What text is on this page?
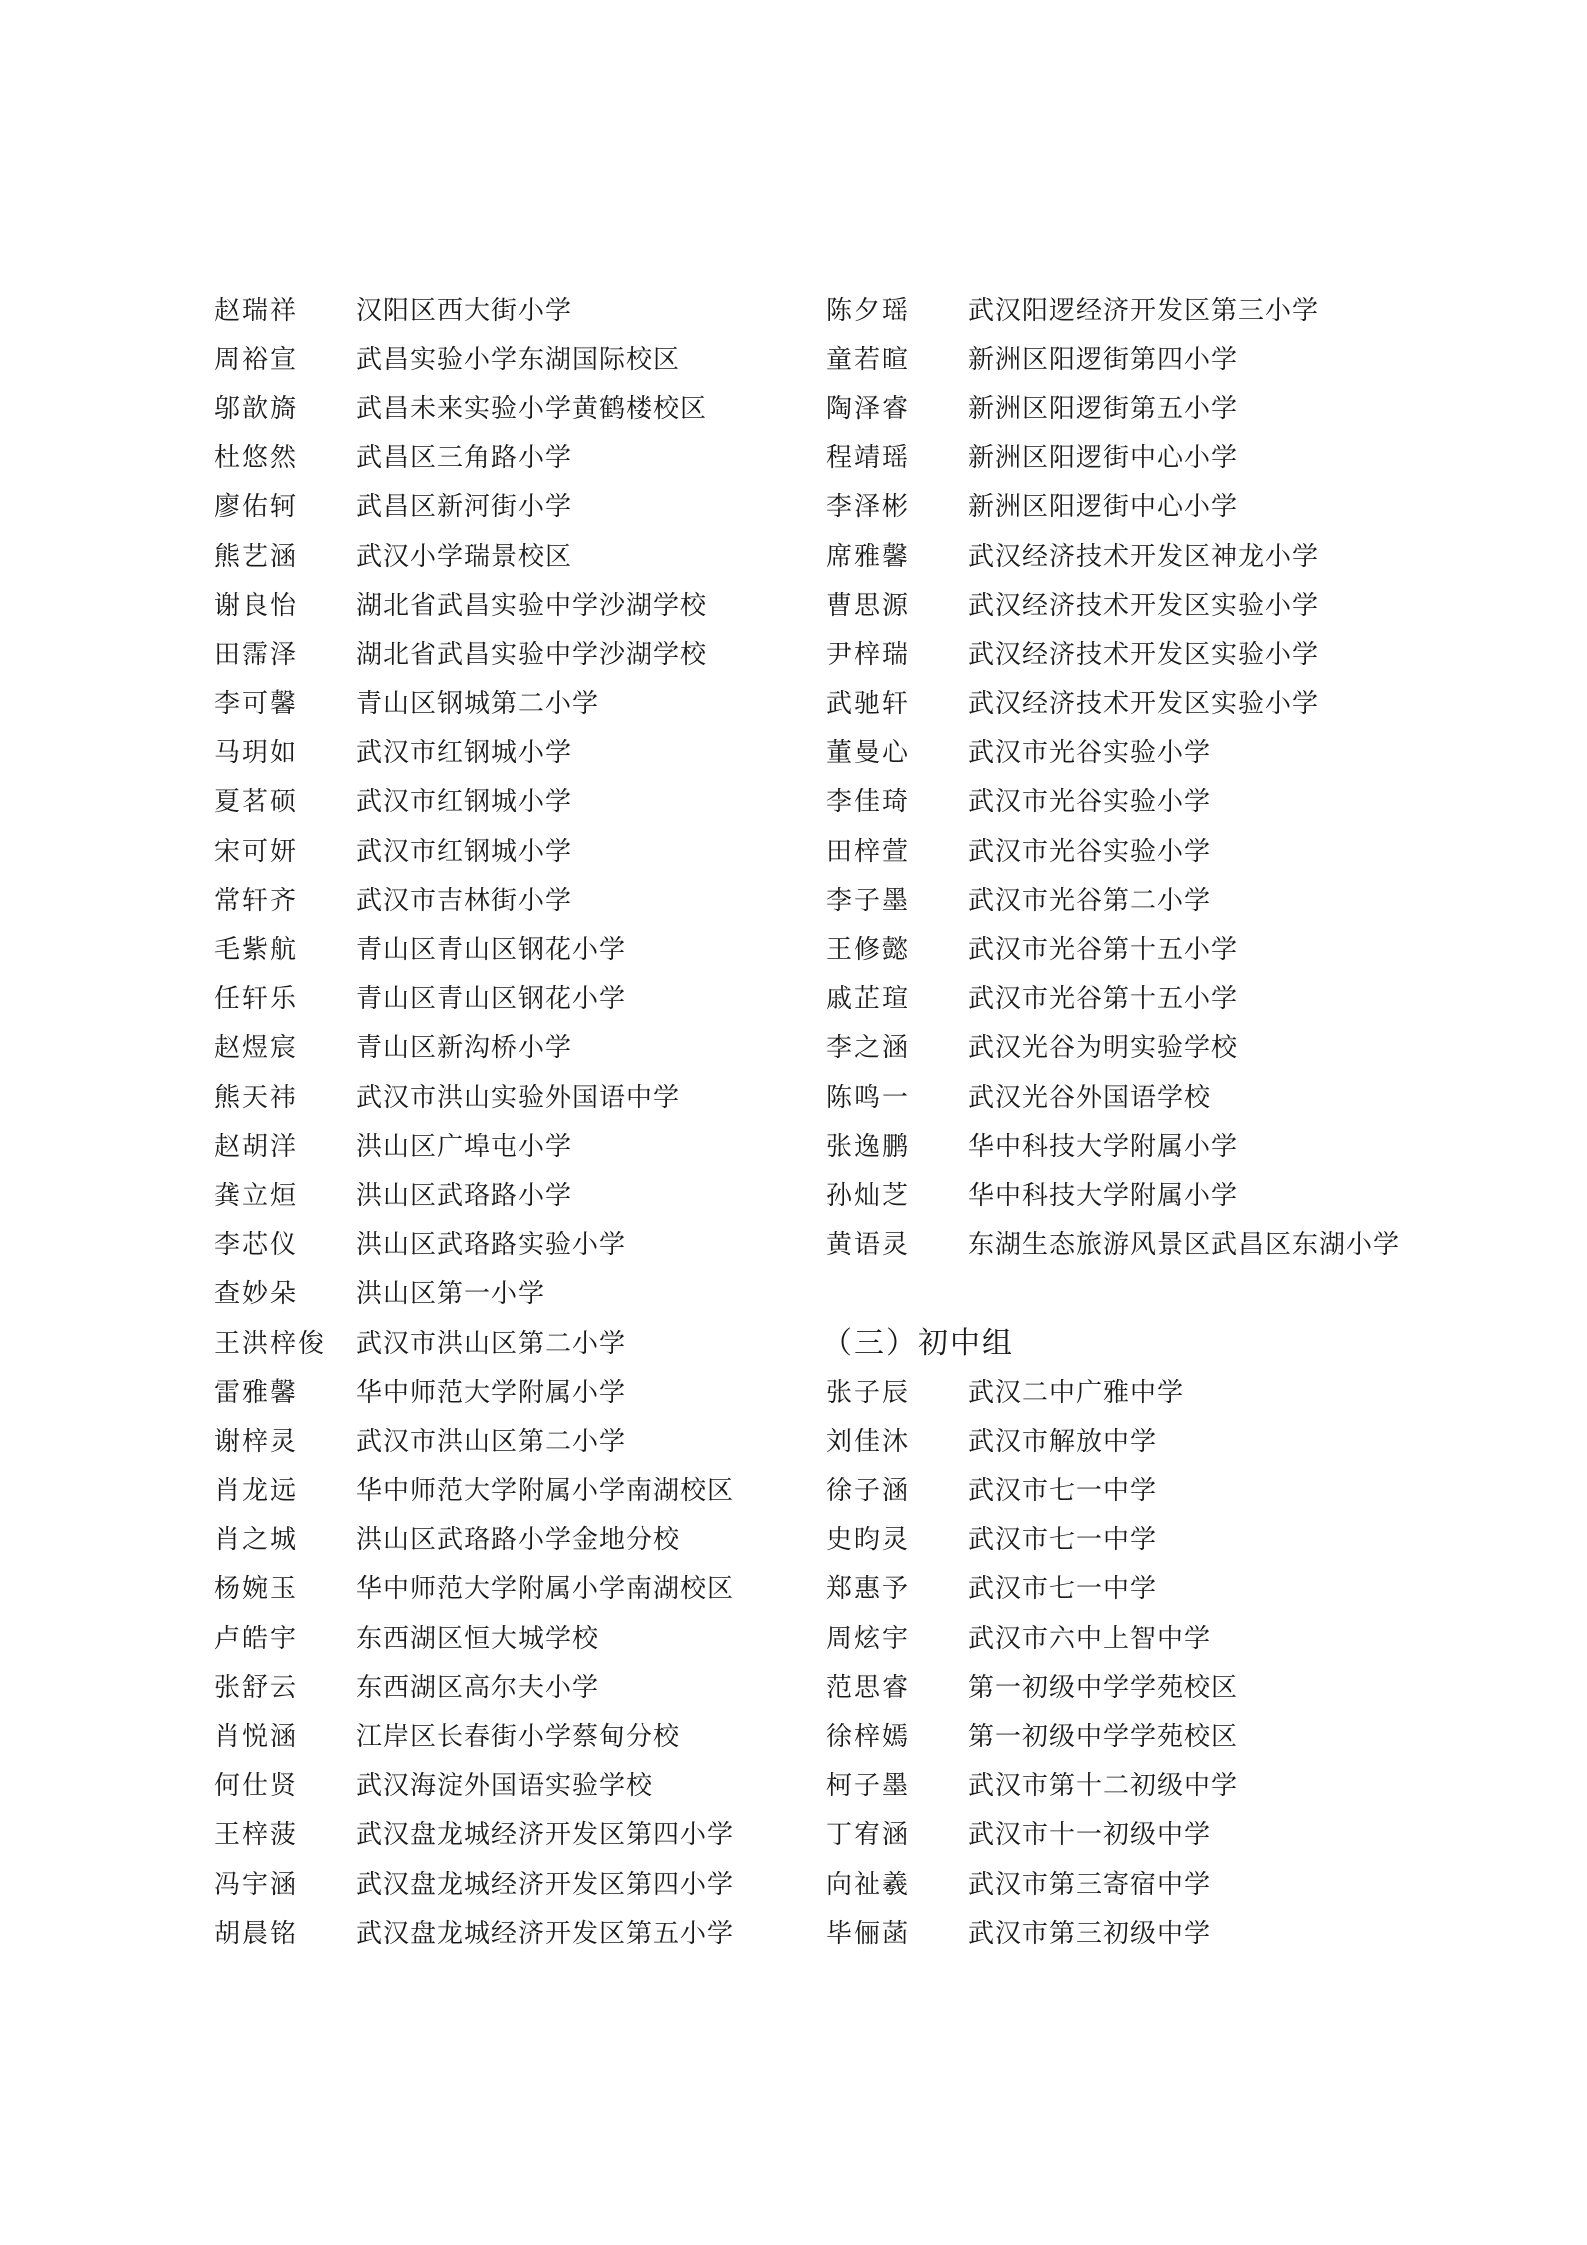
赵瑞祥	汉阳区西大街小学
周裕宣	武昌实验小学东湖国际校区
邬歆旖	武昌未来实验小学黄鹤楼校区
杜悠然	武昌区三角路小学
廖佑轲	武昌区新河街小学
熊艺涵	武汉小学瑞景校区
谢良怡	湖北省武昌实验中学沙湖学校
田霈泽	湖北省武昌实验中学沙湖学校
李可馨	青山区钢城第二小学
马玥如	武汉市红钢城小学
夏茗硕	武汉市红钢城小学
宋可妍	武汉市红钢城小学
常轩齐	武汉市吉林街小学
毛紫航	青山区青山区钢花小学
任轩乐	青山区青山区钢花小学
赵煜宸	青山区新沟桥小学
熊天祎	武汉市洪山实验外国语中学
赵胡洋	洪山区广埠屯小学
龚立烜	洪山区武珞路小学
李芯仪	洪山区武珞路实验小学
查妙朵	洪山区第一小学
王洪梓俊	武汉市洪山区第二小学
雷雅馨	华中师范大学附属小学
谢梓灵	武汉市洪山区第二小学
肖龙远	华中师范大学附属小学南湖校区
肖之城	洪山区武珞路小学金地分校
杨婉玉	华中师范大学附属小学南湖校区
卢皓宇	东西湖区恒大城学校
张舒云	东西湖区高尔夫小学
肖悦涵	江岸区长春街小学蔡甸分校
何仕贤	武汉海淀外国语实验学校
王梓菠	武汉盘龙城经济开发区第四小学
冯宇涵	武汉盘龙城经济开发区第四小学
胡晨铭	武汉盘龙城经济开发区第五小学
陈夕瑶	武汉阳逻经济开发区第三小学
童若暄	新洲区阳逻街第四小学
陶泽睿	新洲区阳逻街第五小学
程靖瑶	新洲区阳逻街中心小学
李泽彬	新洲区阳逻街中心小学
席雅馨	武汉经济技术开发区神龙小学
曹思源	武汉经济技术开发区实验小学
尹梓瑞	武汉经济技术开发区实验小学
武驰轩	武汉经济技术开发区实验小学
董曼心	武汉市光谷实验小学
李佳琦	武汉市光谷实验小学
田梓萱	武汉市光谷实验小学
李子墨	武汉市光谷第二小学
王修懿	武汉市光谷第十五小学
戚芷瑄	武汉市光谷第十五小学
李之涵	武汉光谷为明实验学校
陈鸣一	武汉光谷外国语学校
张逸鹏	华中科技大学附属小学
孙灿芝	华中科技大学附属小学
黄语灵	东湖生态旅游风景区武昌区东湖小学
（三）初中组
张子辰	武汉二中广雅中学
刘佳沐	武汉市解放中学
徐子涵	武汉市七一中学
史昀灵	武汉市七一中学
郑惠予	武汉市七一中学
周炫宇	武汉市六中上智中学
范思睿	第一初级中学学苑校区
徐梓嫣	第一初级中学学苑校区
柯子墨	武汉市第十二初级中学
丁宥涵	武汉市十一初级中学
向祉羲	武汉市第三寄宿中学
毕俪菡	武汉市第三初级中学
